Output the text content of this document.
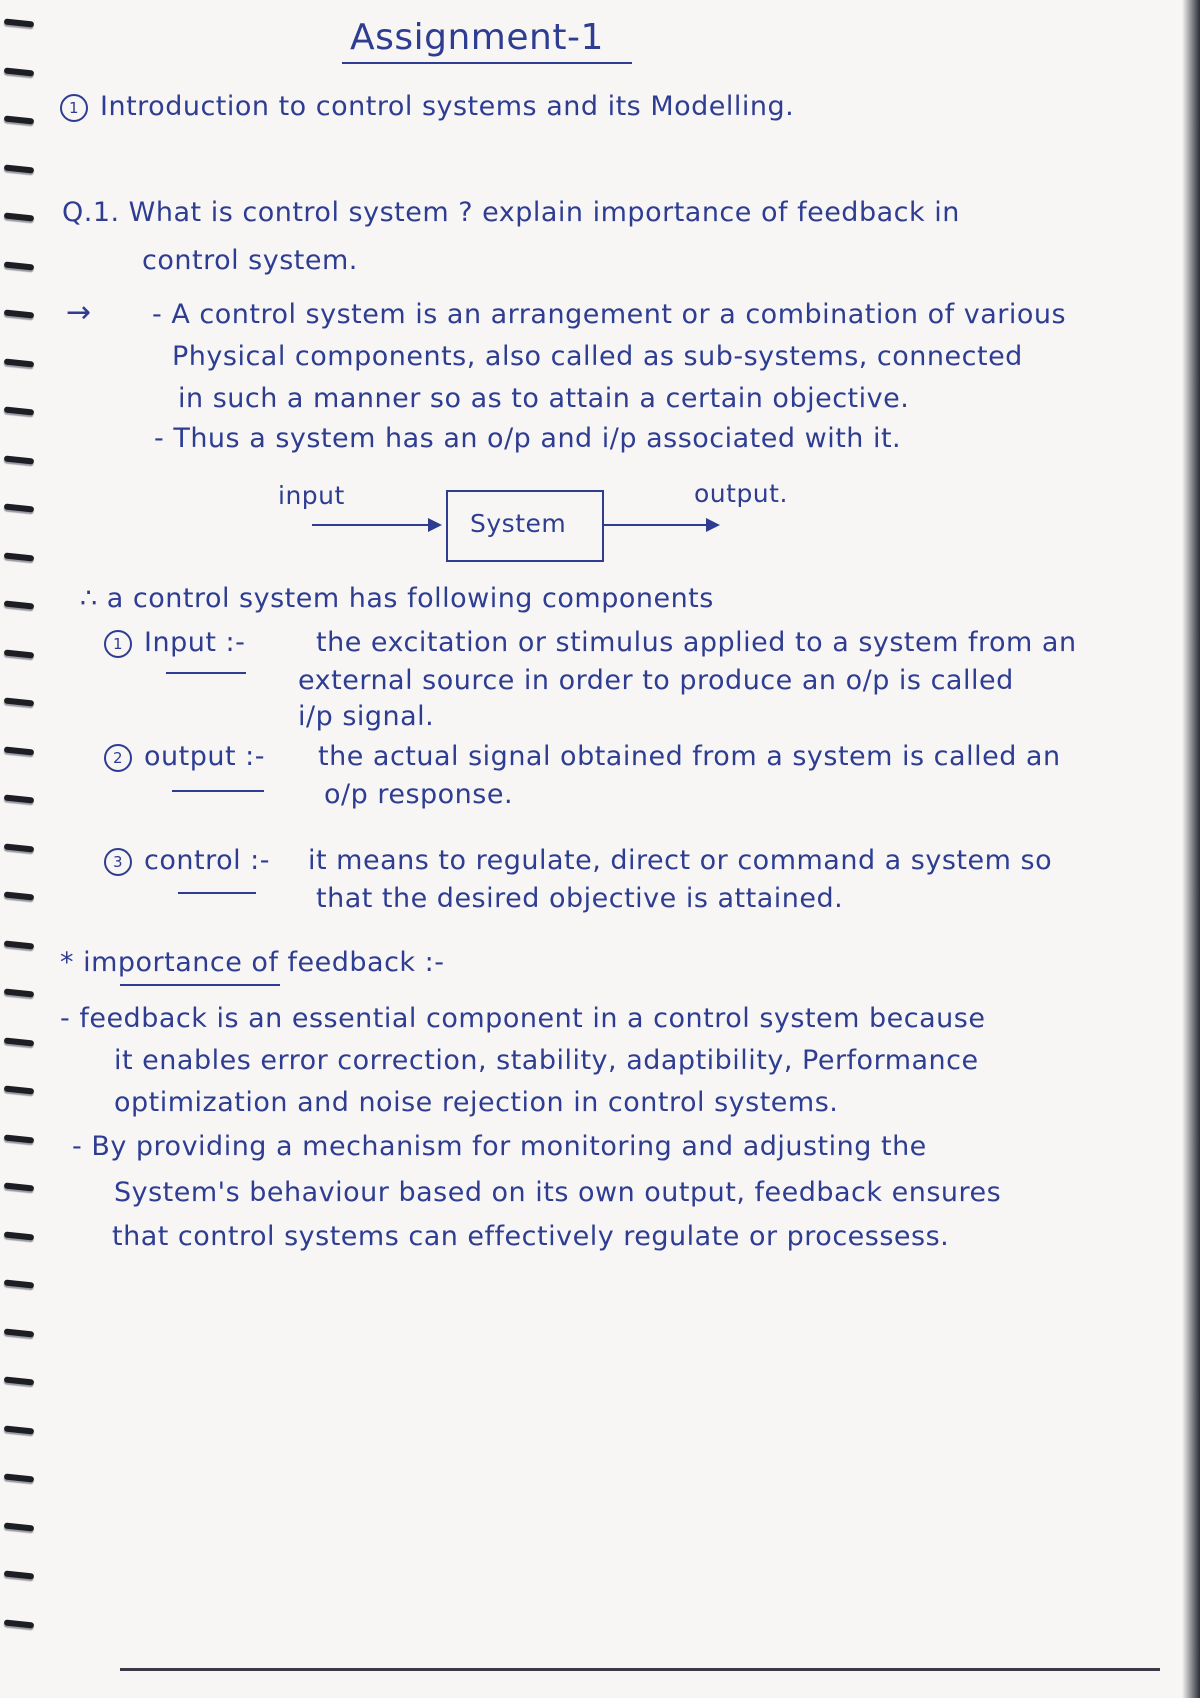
Assignment-1
1 Introduction to control systems and its Modelling.
Q.1. What is control system ? explain importance of feedback in
control system.
→ - A control system is an arrangement or a combination of various
Physical components, also called as sub-systems, connected
in such a manner so as to attain a certain objective.
- Thus a system has an o/p and i/p associated with it.
input
System
output.
∴ a control system has following components
1 Input :-	the excitation or stimulus applied to a system from an
external source in order to produce an o/p is called
i/p signal.
2 output :- the actual signal obtained from a system is called an
o/p response.
3 control :- it means to regulate, direct or command a system so
that the desired objective is attained.
* importance of feedback :-
- feedback is an essential component in a control system because
it enables error correction, stability, adaptibility, Performance
optimization and noise rejection in control systems.
- By providing a mechanism for monitoring and adjusting the
System's behaviour based on its own output, feedback ensures
that control systems can effectively regulate or processess.
